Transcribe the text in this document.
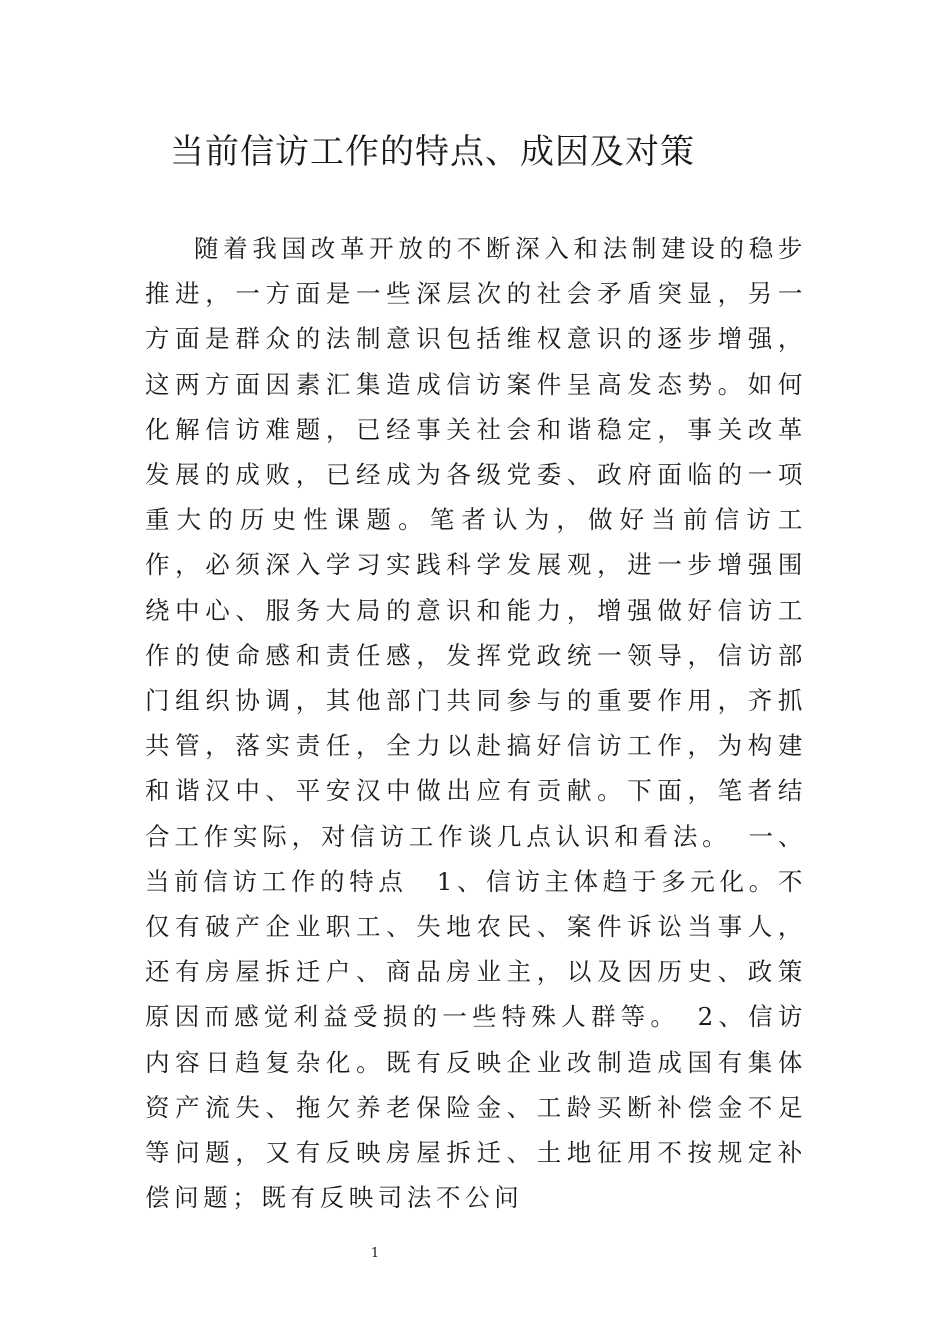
当前信访工作的特点、成因及对策

随着我国改革开放的不断深入和法制建设的稳步推进，一方面是一些深层次的社会矛盾突显，另一方面是群众的法制意识包括维权意识的逐步增强，这两方面因素汇集造成信访案件呈高发态势。如何化解信访难题，已经事关社会和谐稳定，事关改革发展的成败，已经成为各级党委、政府面临的一项重大的历史性课题。笔者认为，做好当前信访工作，必须深入学习实践科学发展观，进一步增强围绕中心、服务大局的意识和能力，增强做好信访工作的使命感和责任感，发挥党政统一领导，信访部门组织协调，其他部门共同参与的重要作用，齐抓共管，落实责任，全力以赴搞好信访工作，为构建和谐汉中、平安汉中做出应有贡献。下面，笔者结合工作实际，对信访工作谈几点认识和看法。　一、当前信访工作的特点　1、信访主体趋于多元化。不仅有破产企业职工、失地农民、案件诉讼当事人，还有房屋拆迁户、商品房业主，以及因历史、政策原因而感觉利益受损的一些特殊人群等。　2、信访内容日趋复杂化。既有反映企业改制造成国有集体资产流失、拖欠养老保险金、工龄买断补偿金不足等问题，又有反映房屋拆迁、土地征用不按规定补偿问题；既有反映司法不公问

1
